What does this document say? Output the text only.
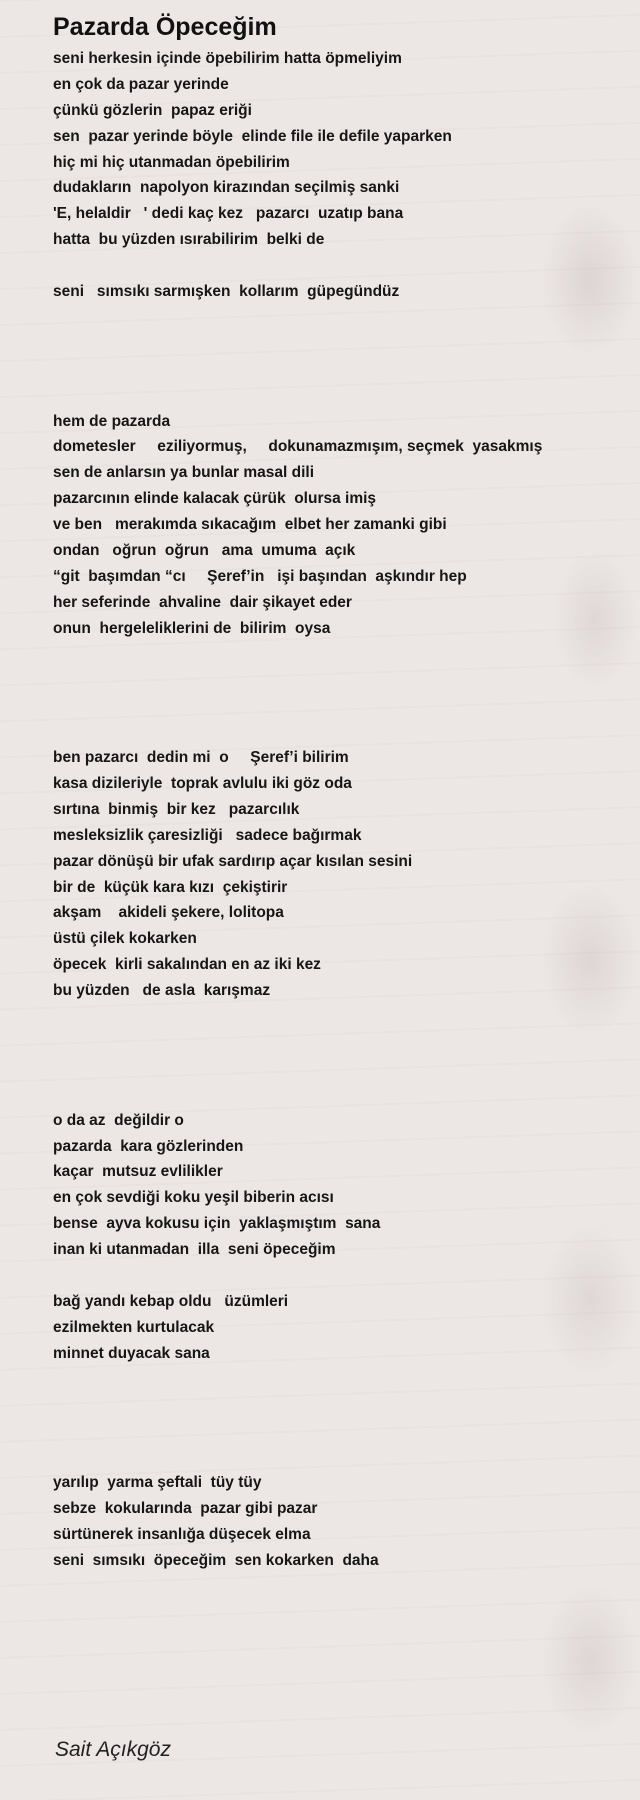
Pazarda Öpeceğim
seni herkesin içinde öpebilirim hatta öpmeliyim
en çok da pazar yerinde
çünkü gözlerin  papaz eriği
sen  pazar yerinde böyle  elinde file ile defile yaparken
hiç mi hiç utanmadan öpebilirim
dudakların  napolyon kirazından seçilmiş sanki
'E, helaldir   ' dedi kaç kez   pazarcı  uzatıp bana
hatta  bu yüzden ısırabilirim  belki de
seni   sımsıkı sarmışken  kollarım  güpegündüz
hem de pazarda
dometesler     eziliyormuş,     dokunamazmışım, seçmek  yasakmış
sen de anlarsın ya bunlar masal dili
pazarcının elinde kalacak çürük  olursa imiş
ve ben   merakımda sıkacağım  elbet her zamanki gibi
ondan   oğrun  oğrun   ama  umuma  açık
“git  başımdan “cı     Şeref’in   işi başından  aşkındır hep
her seferinde  ahvaline  dair şikayet eder
onun  hergeleliklerini de  bilirim  oysa
ben pazarcı  dedin mi  o     Şeref’i bilirim
kasa dizileriyle  toprak avlulu iki göz oda
sırtına  binmiş  bir kez   pazarcılık
mesleksizlik çaresizliği   sadece bağırmak
pazar dönüşü bir ufak sardırıp açar kısılan sesini
bir de  küçük kara kızı  çekiştirir
akşam    akideli şekere, lolitopa
üstü çilek kokarken
öpecek  kirli sakalından en az iki kez
bu yüzden   de asla  karışmaz
o da az  değildir o
pazarda  kara gözlerinden
kaçar  mutsuz evlilikler
en çok sevdiği koku yeşil biberin acısı
bense  ayva kokusu için  yaklaşmıştım  sana
inan ki utanmadan  illa  seni öpeceğim
bağ yandı kebap oldu   üzümleri
ezilmekten kurtulacak
minnet duyacak sana
yarılıp  yarma şeftali  tüy tüy
sebze  kokularında  pazar gibi pazar
sürtünerek insanlığa düşecek elma
seni  sımsıkı  öpeceğim  sen kokarken  daha
Sait Açıkgöz
